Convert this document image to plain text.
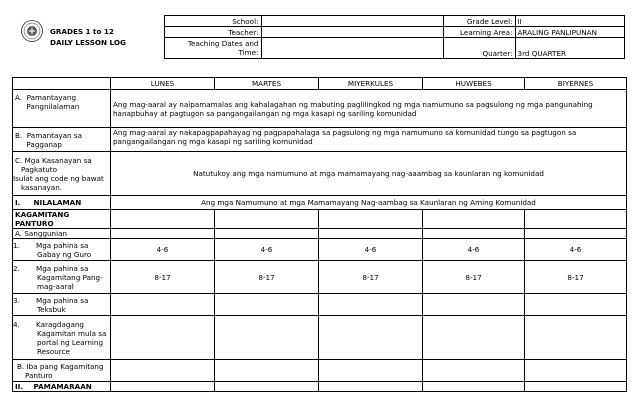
GRADES 1 to 12
DAILY LESSON LOG
	School:		Grade Level:	II
	Teacher:		Learning Area:	ARALING PANLIPUNAN

	Teaching Dates and
Time:		Quarter:	3rd QUARTER

	LUNES	MARTES	MIYERKULES	HUWEBES	BIYERNES
A.  Pamantayang
Pangnilalaman	Ang mag-aaral ay naipamamalas ang kahalagahan ng mabuting paglilingkod ng mga namumuno sa pagsulong ng mga pangunahing hanapbuhay at pagtugon sa pangangailangan ng mga kasapi ng sariling komunidad				
B.  Pamantayan sa
Pagganap	Ang mag-aaral ay nakapagpapahayag ng pagpapahalaga sa pagsulong ng mga namumuno sa komunidad tungo sa pagtugon sa pangangailangan ng mga kasapi ng sariling komunidad				

C. Mga Kasanayan sa
Pagkatuto
Isulat ang code ng bawat
kasanayan.	Natutukoy ang mga namumuno at mga mamamayang nag-aaambag sa kaunlaran ng komunidad				
I. NILALAMAN	Ang mga Namumuno at mga Mamamayang Nag-aambag sa Kaunlaran ng Aming Komunidad				
KAGAMITANG PANTURO					
A. Sanggunian					

1. Mga pahina sa Gabay ng Guro	4-6	4-6	4-6	4-6	4-6

2. Mga pahina sa Kagamitang Pang-mag-aaral	8-17	8-17	8-17	8-17	8-17

3. Mga pahina sa Teksbuk					

4. Karagdagang Kagamitan mula sa portal ng Learning Resource					

B. Iba pang Kagamitang Panturo					

II. PAMAMARAAN					
